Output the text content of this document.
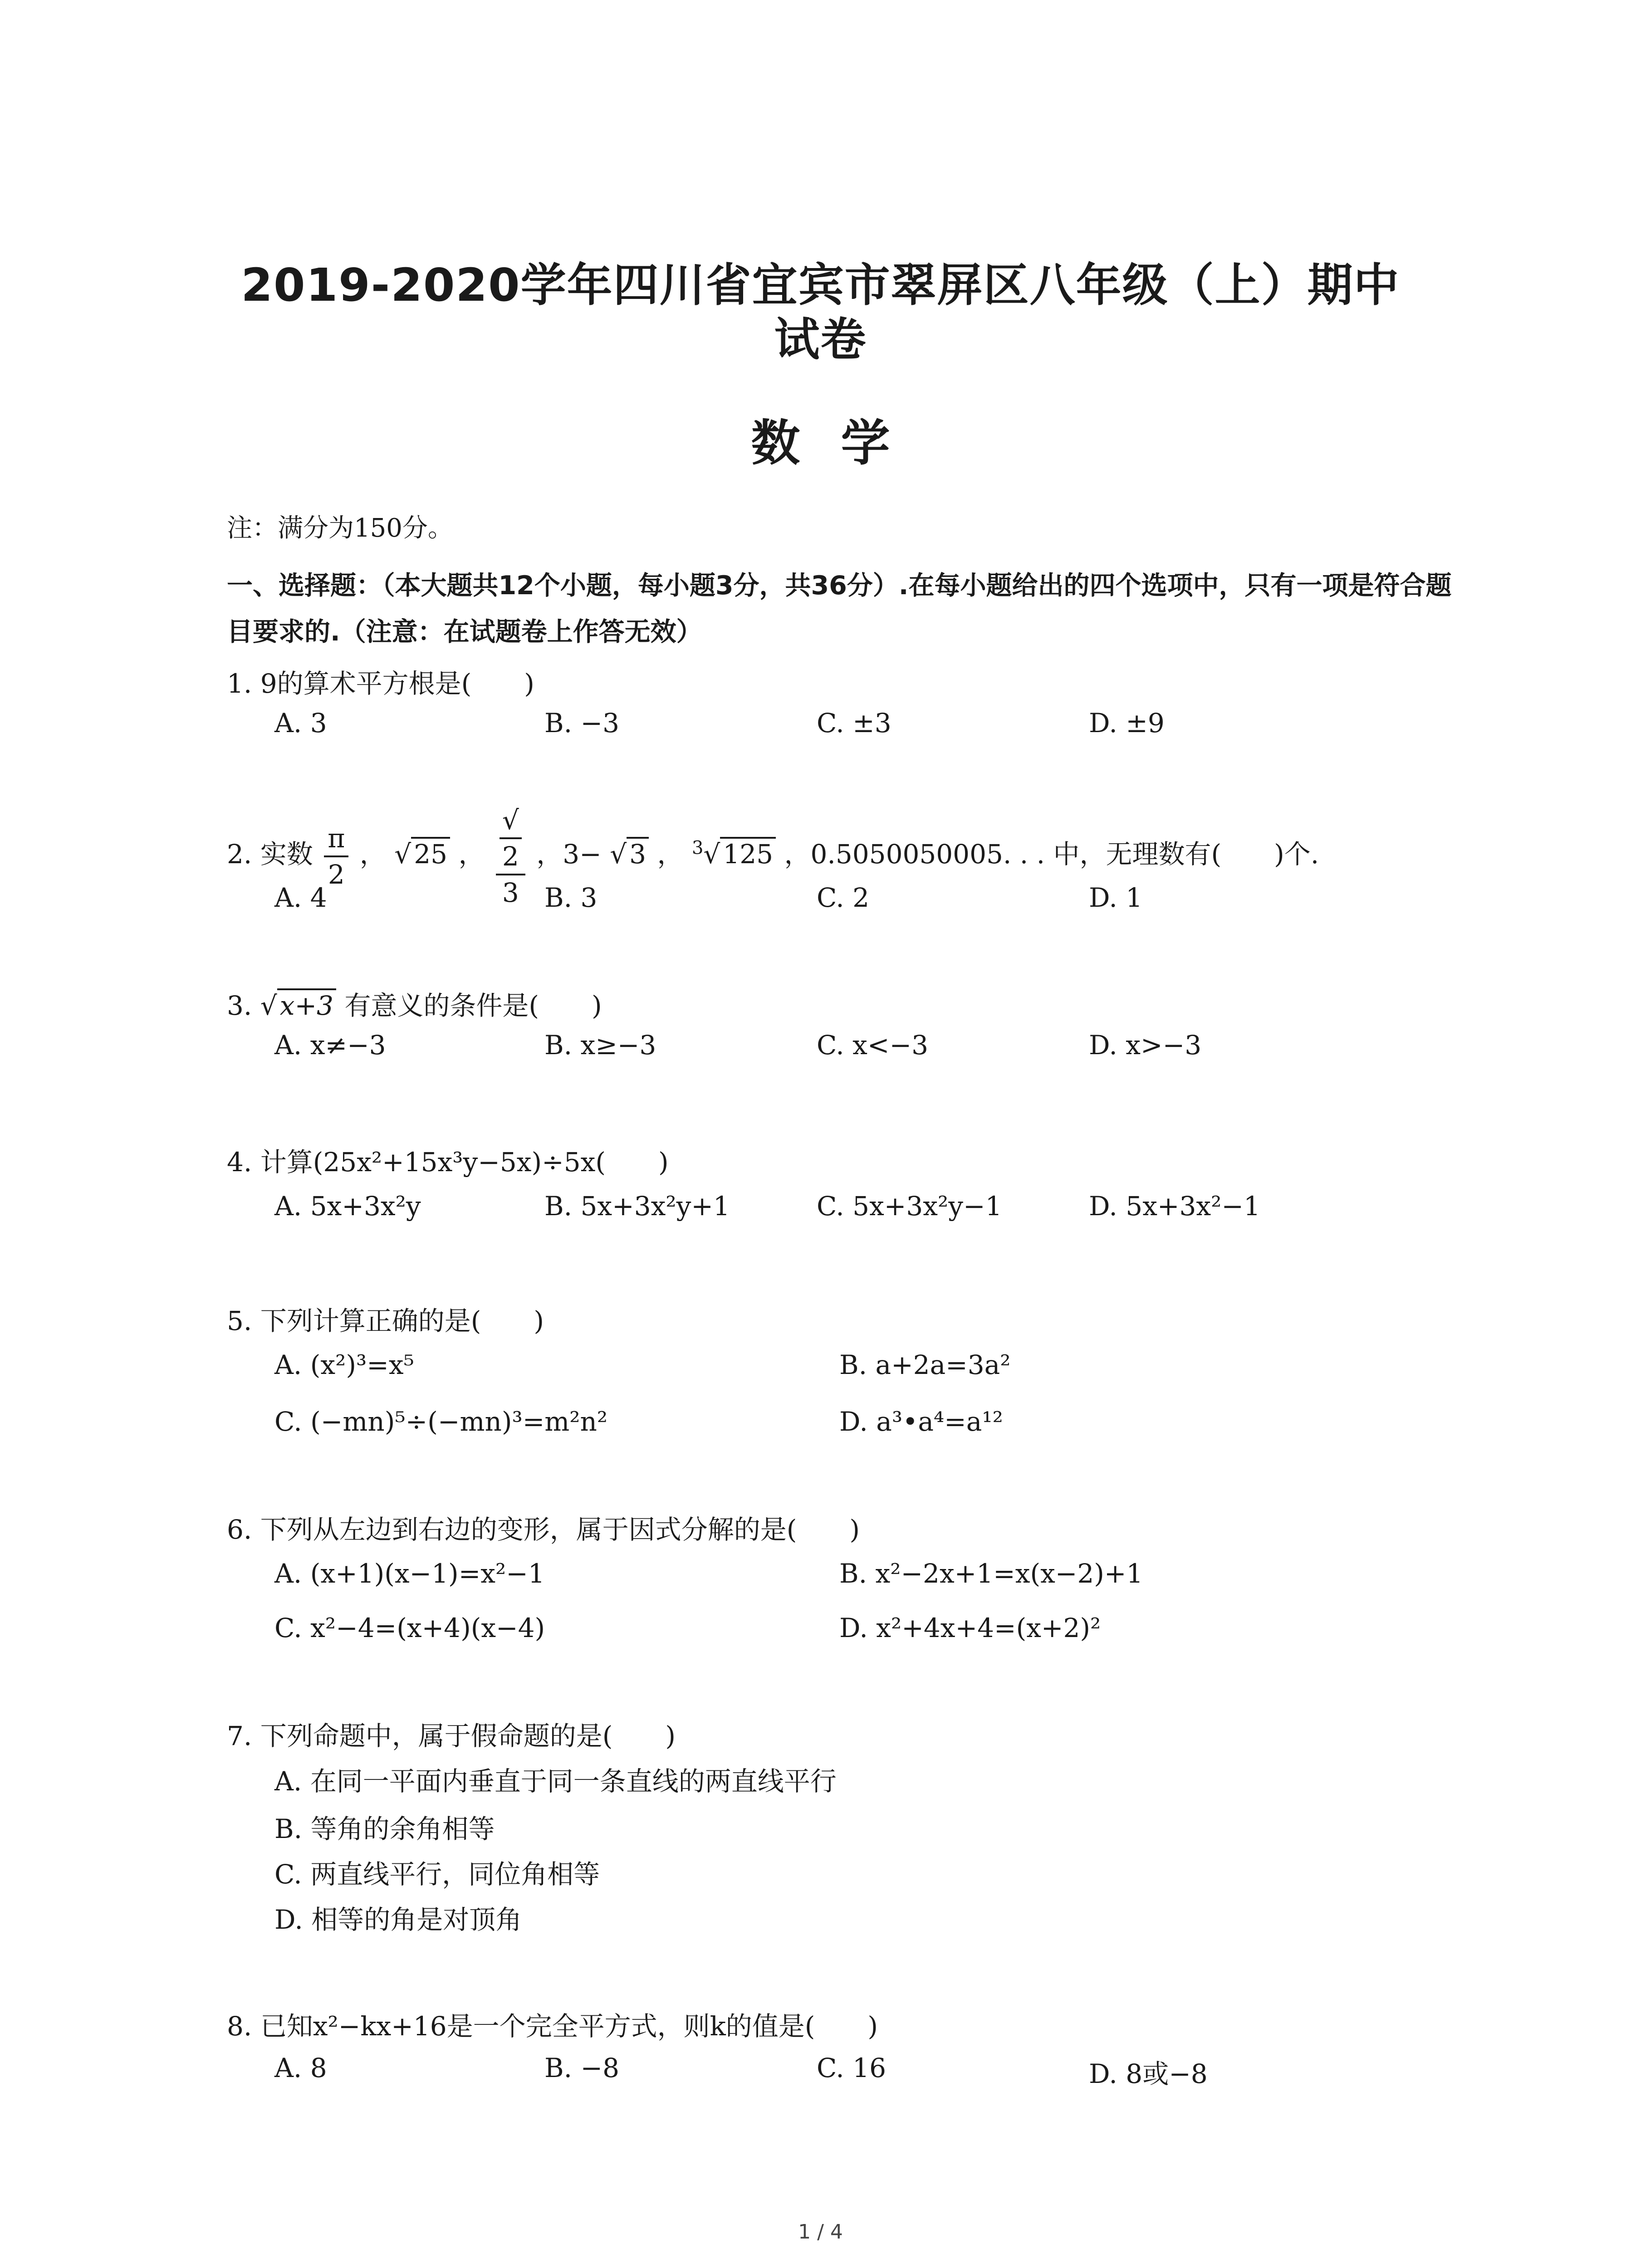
2019-2020学年四川省宜宾市翠屏区八年级（上）期中
试卷
数学
注：满分为150分。
一、选择题：（本大题共12个小题，每小题3分，共36分）.在每小题给出的四个选项中，只有一项是符合题目要求的.（注意：在试题卷上作答无效）
1. 9的算术平方根是(　　)
A. 3	B. −3	C. ±3	D. ±9
2. 实数 $\frac{\pi}{2}$ ， √ 25 ， √
2
3 ，3− √ 3 ， $^3$√ 125 ，0.5050050005. . . 中，无理数有(　　)个.
A. 4	B. 3	C. 2	D. 1
3. √ x+3 有意义的条件是(　　)
A. x≠−3	B. x≥−3	C. x<−3	D. x>−3
4. 计算(25x²+15x³y−5x)÷5x(　　)
A. 5x+3x²y	B. 5x+3x²y+1	C. 5x+3x²y−1	D. 5x+3x²−1
5. 下列计算正确的是(　　)
A. (x²)³=x⁵	B. a+2a=3a²
C. (−mn)⁵÷(−mn)³=m²n²	D. a³•a⁴=a¹²
6. 下列从左边到右边的变形，属于因式分解的是(　　)
A. (x+1)(x−1)=x²−1	B. x²−2x+1=x(x−2)+1
C. x²−4=(x+4)(x−4)	D. x²+4x+4=(x+2)²
7. 下列命题中，属于假命题的是(　　)
A. 在同一平面内垂直于同一条直线的两直线平行
B. 等角的余角相等
C. 两直线平行，同位角相等
D. 相等的角是对顶角
8. 已知x²−kx+16是一个完全平方式，则k的值是(　　)
A. 8	B. −8	C. 16	D. 8或−8
1 / 4
